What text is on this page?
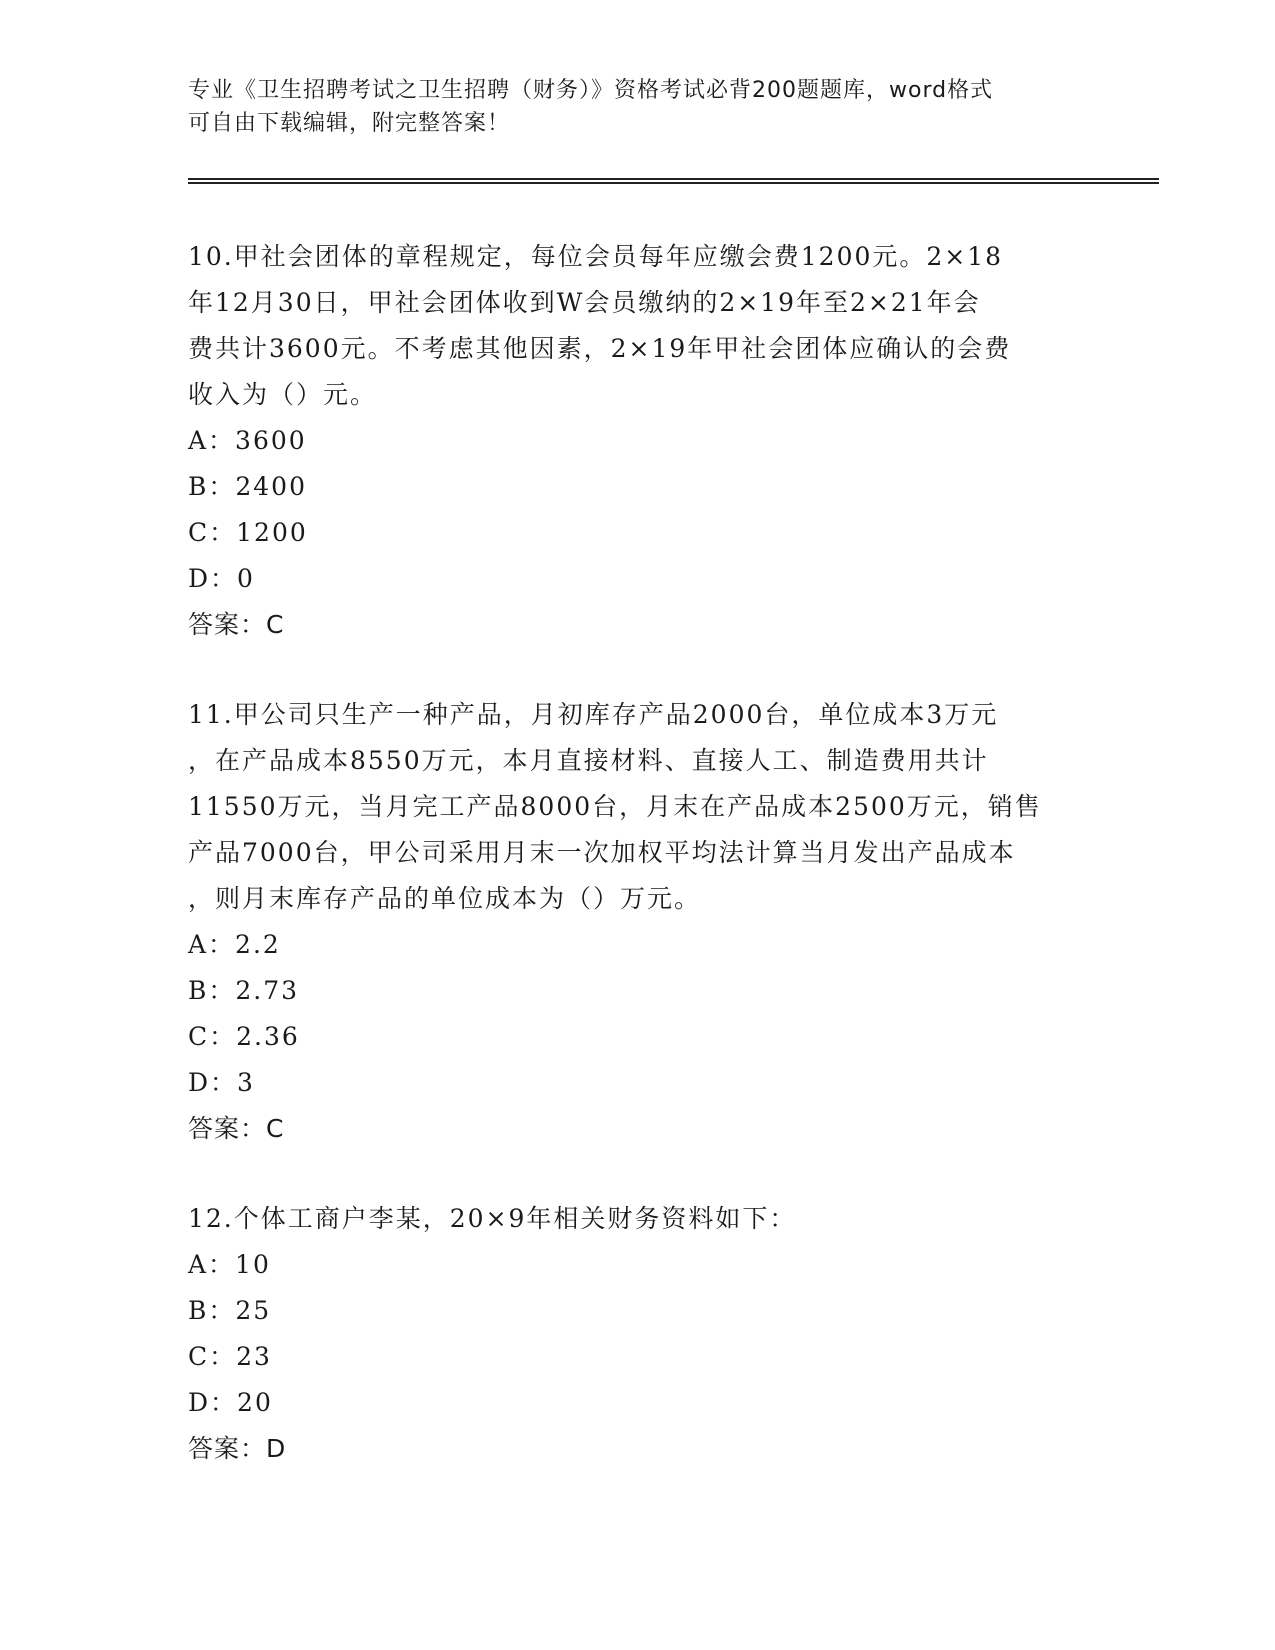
专业《卫生招聘考试之卫生招聘（财务）》资格考试必背200题题库，word格式
可自由下载编辑，附完整答案！

10.甲社会团体的章程规定，每位会员每年应缴会费1200元。2×18

年12月30日，甲社会团体收到W会员缴纳的2×19年至2×21年会

费共计3600元。不考虑其他因素，2×19年甲社会团体应确认的会费

收入为（）元。

A：3600

B：2400

C：1200

D：0

答案：C

11.甲公司只生产一种产品，月初库存产品2000台，单位成本3万元

，在产品成本8550万元，本月直接材料、直接人工、制造费用共计

11550万元，当月完工产品8000台，月末在产品成本2500万元，销售

产品7000台，甲公司采用月末一次加权平均法计算当月发出产品成本

，则月末库存产品的单位成本为（）万元。

A：2.2

B：2.73

C：2.36

D：3

答案：C

12.个体工商户李某，20×9年相关财务资料如下：

A：10

B：25

C：23

D：20

答案：D
